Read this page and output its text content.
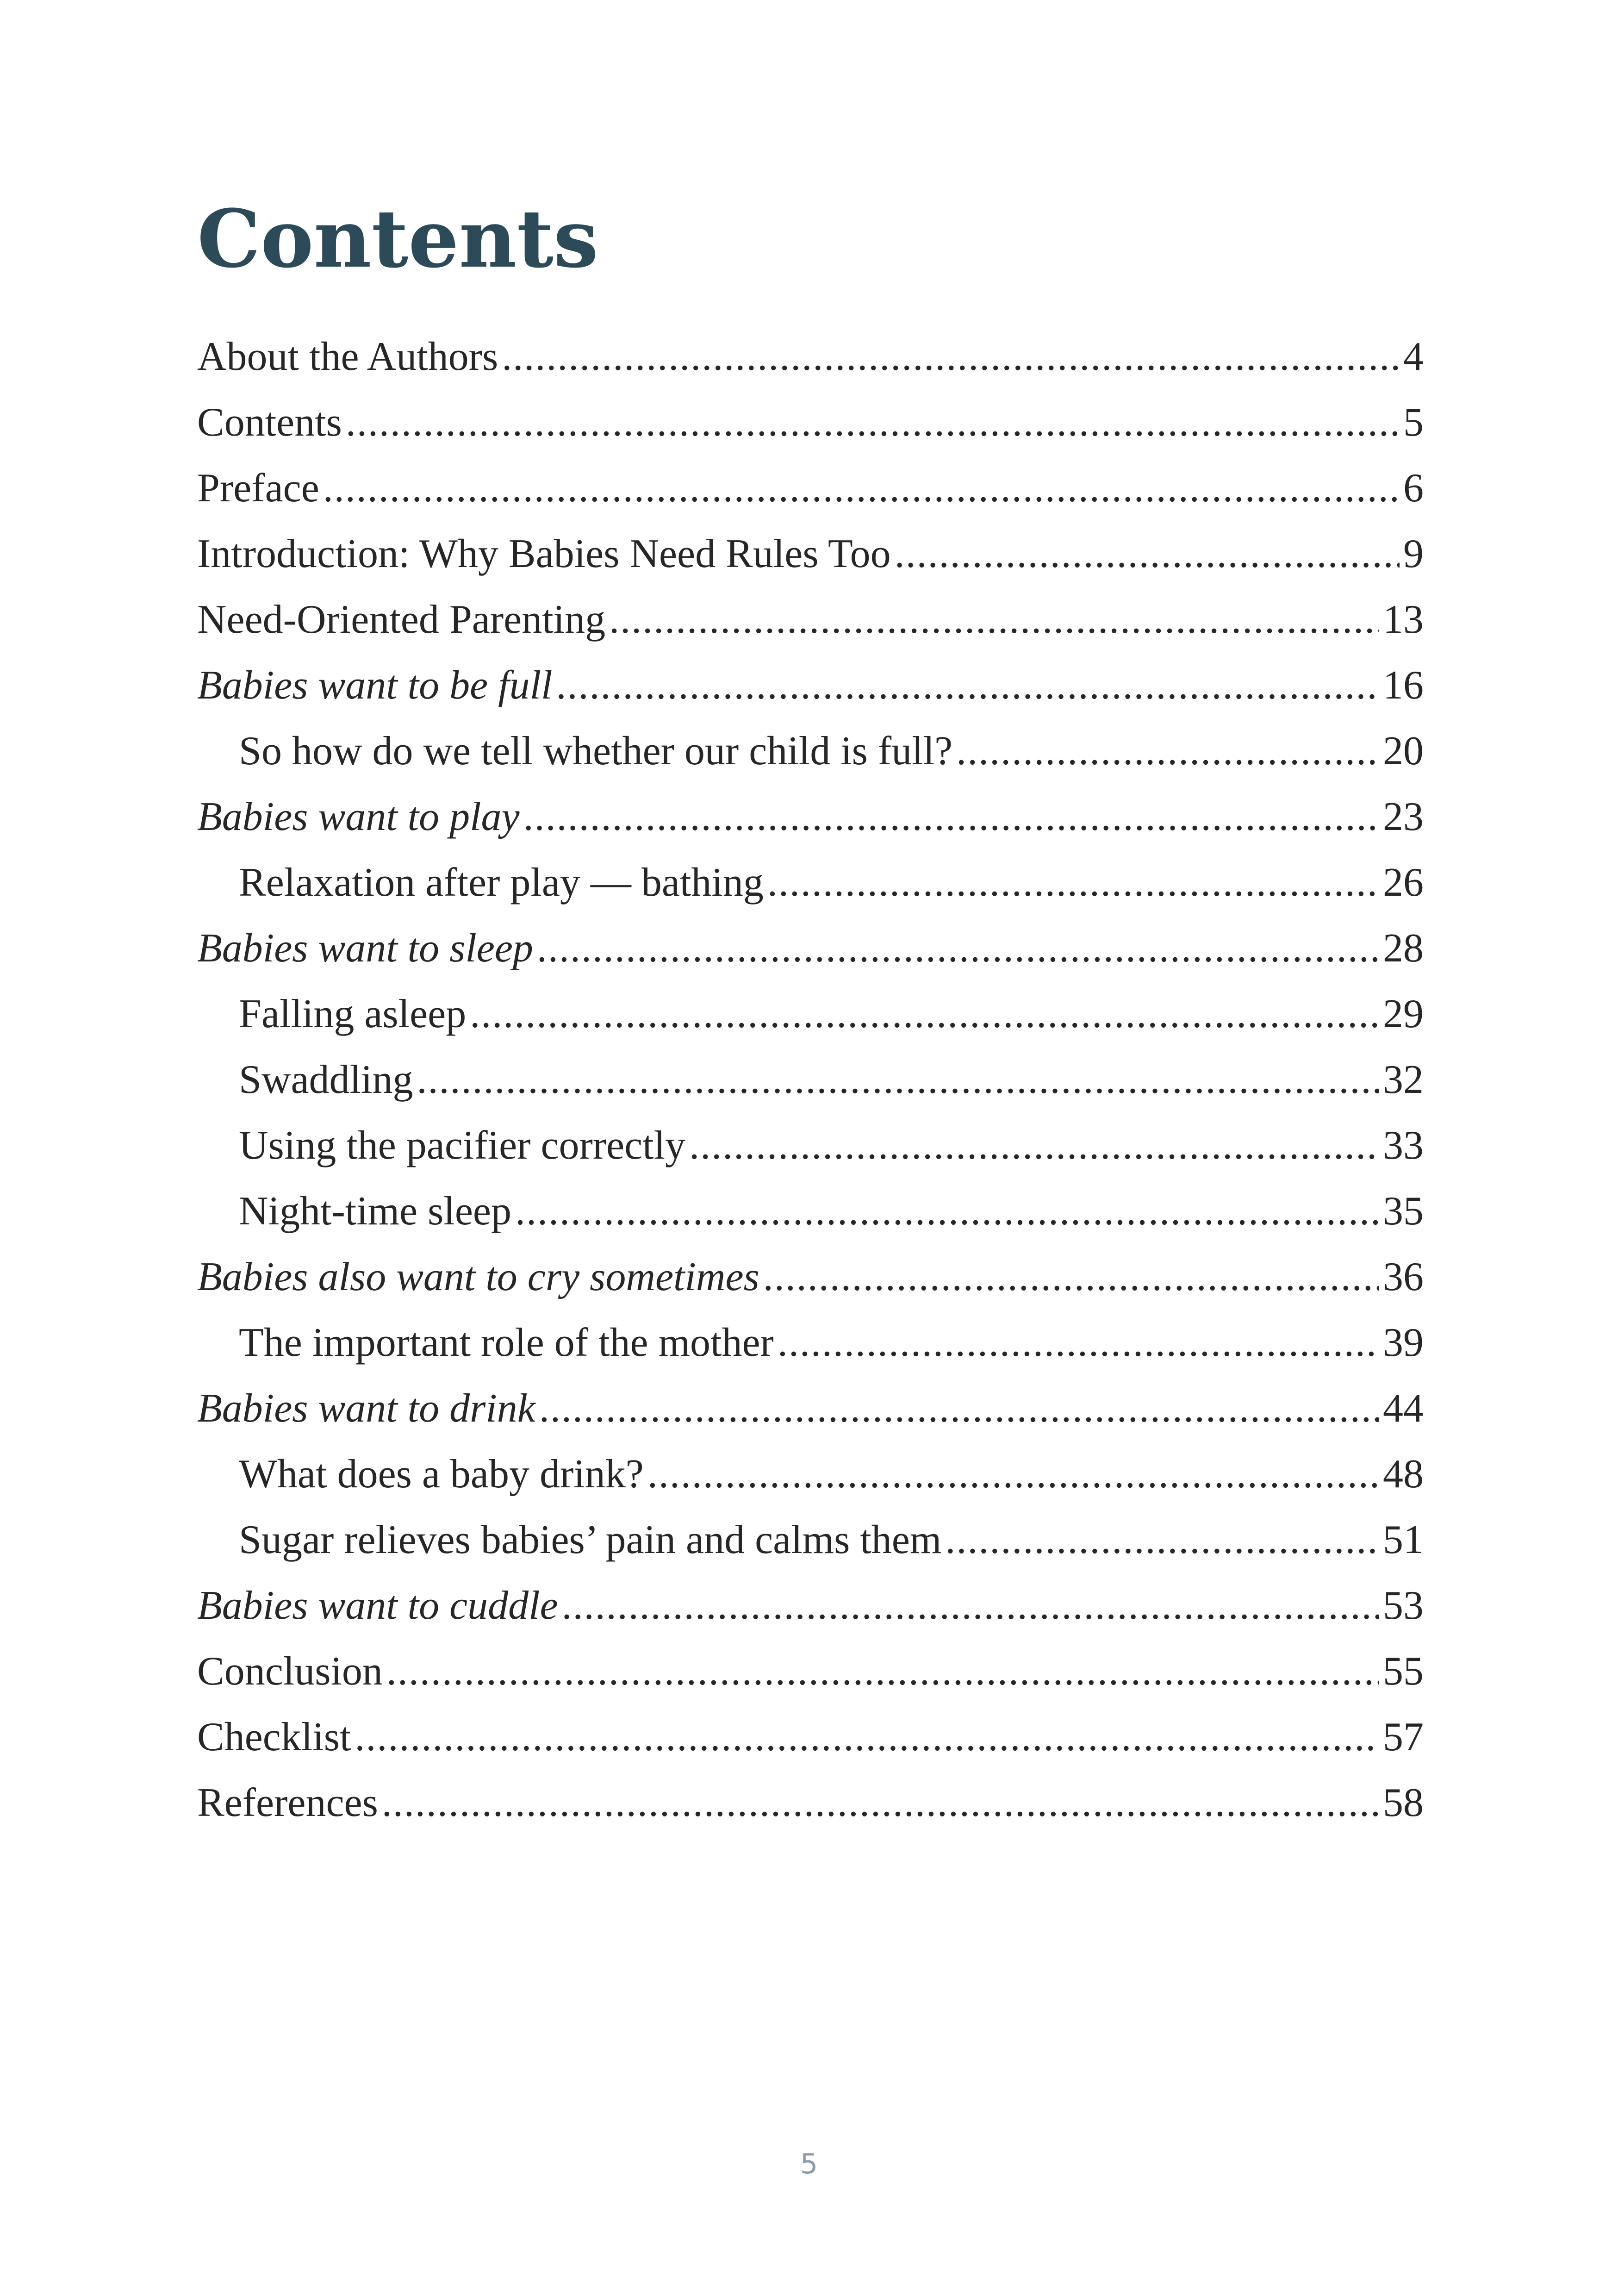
Contents
About the Authors .....	4
Contents .....	5
Preface .....	6
Introduction: Why Babies Need Rules Too .....	9
Need-Oriented Parenting .....	13
Babies want to be full .....	16
So how do we tell whether our child is full? .....	20
Babies want to play .....	23
Relaxation after play — bathing .....	26
Babies want to sleep .....	28
Falling asleep .....	29
Swaddling .....	32
Using the pacifier correctly .....	33
Night-time sleep .....	35
Babies also want to cry sometimes .....	36
The important role of the mother .....	39
Babies want to drink .....	44
What does a baby drink? .....	48
Sugar relieves babies’ pain and calms them .....	51
Babies want to cuddle .....	53
Conclusion .....	55
Checklist .....	57
References .....	58
5
